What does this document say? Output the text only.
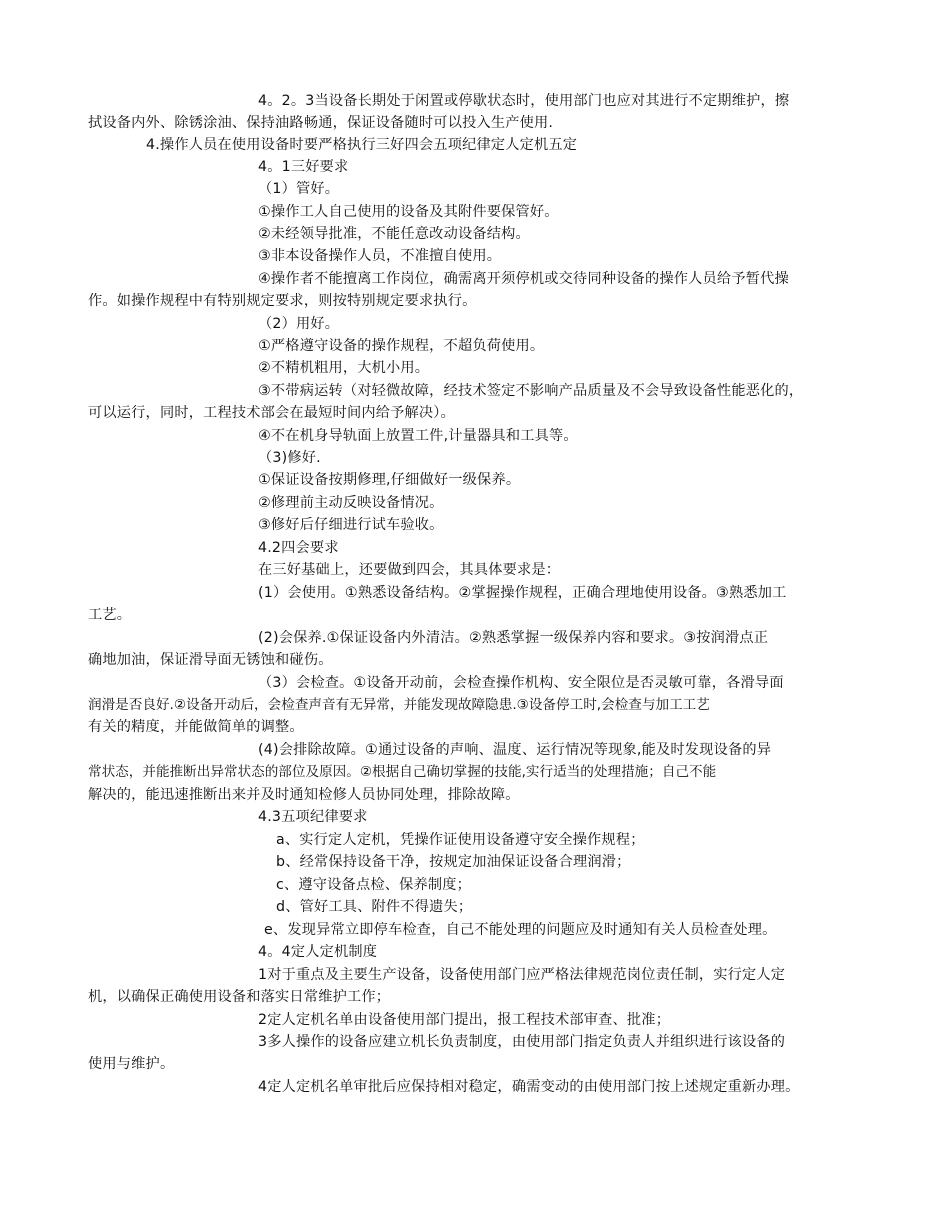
4。2。3当设备长期处于闲置或停歇状态时，使用部门也应对其进行不定期维护，擦
拭设备内外、除锈涂油、保持油路畅通，保证设备随时可以投入生产使用.
4.操作人员在使用设备时要严格执行三好四会五项纪律定人定机五定
4。1三好要求
（1）管好。
①操作工人自己使用的设备及其附件要保管好。
②未经领导批准，不能任意改动设备结构。
③非本设备操作人员，不准擅自使用。
④操作者不能擅离工作岗位，确需离开须停机或交待同种设备的操作人员给予暂代操
作。如操作规程中有特别规定要求，则按特别规定要求执行。
（2）用好。
①严格遵守设备的操作规程，不超负荷使用。
②不精机粗用，大机小用。
③不带病运转（对轻微故障，经技术签定不影响产品质量及不会导致设备性能恶化的，
可以运行，同时，工程技术部会在最短时间内给予解决）。
④不在机身导轨面上放置工件,计量器具和工具等。
（3)修好.
①保证设备按期修理,仔细做好一级保养。
②修理前主动反映设备情况。
③修好后仔细进行试车验收。
4.2四会要求
在三好基础上，还要做到四会，其具体要求是：
(1）会使用。①熟悉设备结构。②掌握操作规程，正确合理地使用设备。③熟悉加工
工艺。
(2)会保养.①保证设备内外清洁。②熟悉掌握一级保养内容和要求。③按润滑点正
确地加油，保证滑导面无锈蚀和碰伤。
（3）会检查。①设备开动前，会检查操作机构、安全限位是否灵敏可靠，各滑导面
润滑是否良好.②设备开动后，会检查声音有无异常，并能发现故障隐患.③设备停工时,会检查与加工工艺
有关的精度，并能做简单的调整。
(4)会排除故障。①通过设备的声响、温度、运行情况等现象,能及时发现设备的异
常状态，并能推断出异常状态的部位及原因。②根据自己确切掌握的技能,实行适当的处理措施；自己不能
解决的，能迅速推断出来并及时通知检修人员协同处理，排除故障。
4.3五项纪律要求
a、实行定人定机，凭操作证使用设备遵守安全操作规程；
b、经常保持设备干净，按规定加油保证设备合理润滑；
c、遵守设备点检、保养制度；
d、管好工具、附件不得遗失；
e、发现异常立即停车检查，自己不能处理的问题应及时通知有关人员检查处理。
4。4定人定机制度
1对于重点及主要生产设备，设备使用部门应严格法律规范岗位责任制，实行定人定
机，以确保正确使用设备和落实日常维护工作；
2定人定机名单由设备使用部门提出，报工程技术部审查、批准；
3多人操作的设备应建立机长负责制度，由使用部门指定负责人并组织进行该设备的
使用与维护。
4定人定机名单审批后应保持相对稳定，确需变动的由使用部门按上述规定重新办理。
